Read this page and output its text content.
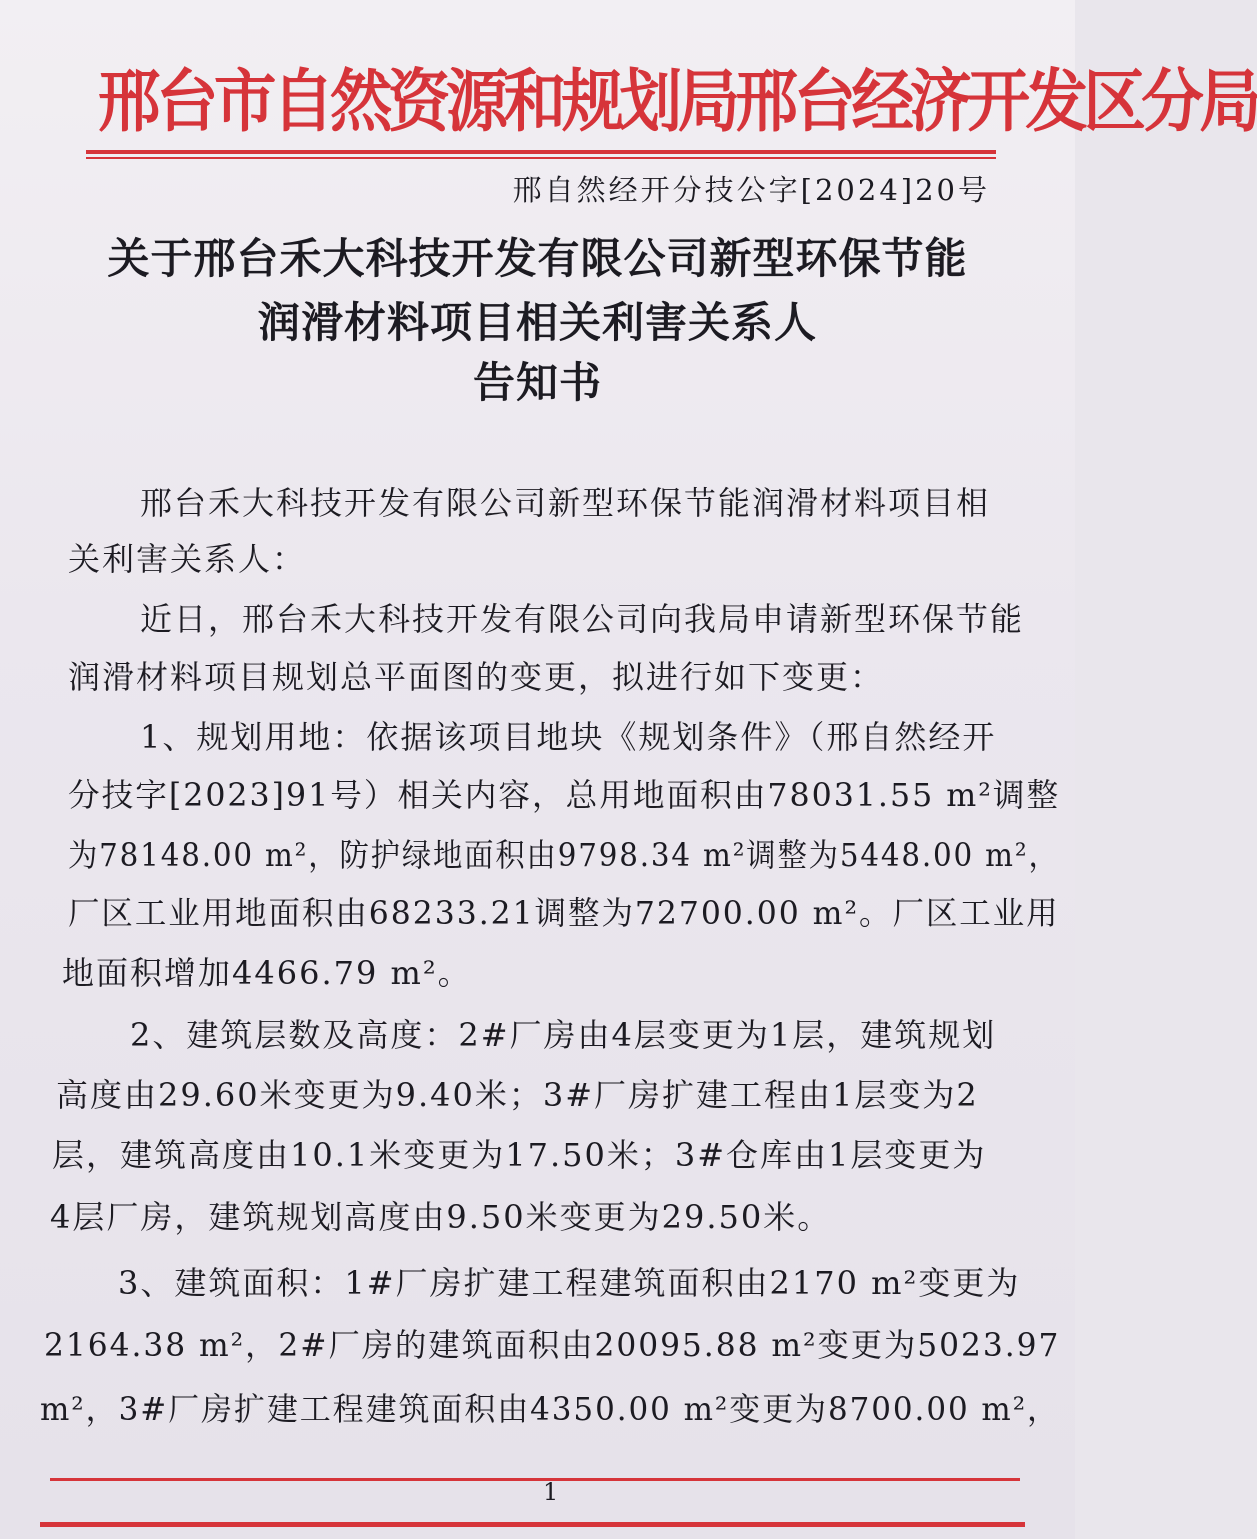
邢台市自然资源和规划局邢台经济开发区分局
邢自然经开分技公字[2024]20号
关于邢台禾大科技开发有限公司新型环保节能
润滑材料项目相关利害关系人
告知书
邢台禾大科技开发有限公司新型环保节能润滑材料项目相
关利害关系人：
近日，邢台禾大科技开发有限公司向我局申请新型环保节能
润滑材料项目规划总平面图的变更，拟进行如下变更：
1、规划用地：依据该项目地块《规划条件》（邢自然经开
分技字[2023]91号）相关内容，总用地面积由78031.55 m²调整
为78148.00 m²，防护绿地面积由9798.34 m²调整为5448.00 m²，
厂区工业用地面积由68233.21调整为72700.00 m²。厂区工业用
地面积增加4466.79 m²。
2、建筑层数及高度：2#厂房由4层变更为1层，建筑规划
高度由29.60米变更为9.40米；3#厂房扩建工程由1层变为2
层，建筑高度由10.1米变更为17.50米；3#仓库由1层变更为
4层厂房，建筑规划高度由9.50米变更为29.50米。
3、建筑面积：1#厂房扩建工程建筑面积由2170 m²变更为
2164.38 m²，2#厂房的建筑面积由20095.88 m²变更为5023.97
m²，3#厂房扩建工程建筑面积由4350.00 m²变更为8700.00 m²，
1
